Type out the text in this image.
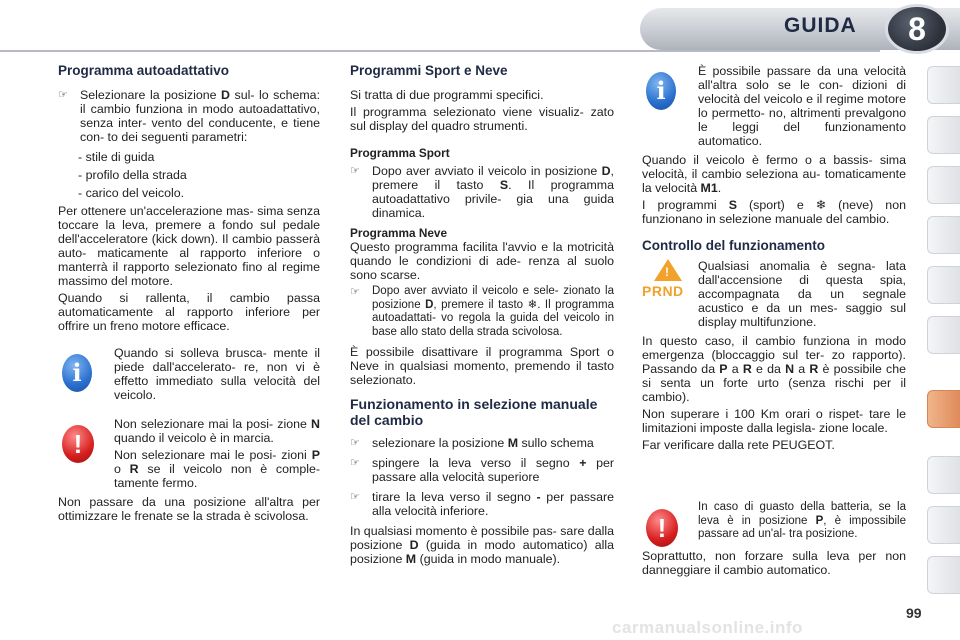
GUIDA	8
Programma autoadattativo
☞ Selezionare la posizione D sul- lo schema: il cambio funziona in modo autoadattativo, senza inter- vento del conducente, e tiene con- to dei seguenti parametri:
- stile di guida
- profilo della strada
- carico del veicolo.

Per ottenere un'accelerazione mas- sima senza toccare la leva, premere a fondo sul pedale dell'acceleratore (kick down). Il cambio passerà auto- maticamente al rapporto inferiore o manterrà il rapporto selezionato fino al regime massimo del motore.

Quando si rallenta, il cambio passa automaticamente al rapporto inferiore per offrire un freno motore efficace.

i

Quando si solleva brusca- mente il piede dall'accelerato- re, non vi è effetto immediato sulla velocità del veicolo.

!

Non selezionare mai la posi- zione N quando il veicolo è in marcia.

Non selezionare mai le posi- zioni P o R se il veicolo non è comple- tamente fermo.

Non passare da una posizione all'altra per ottimizzare le frenate se la strada è scivolosa.

Programmi Sport e Neve

Si tratta di due programmi specifici.

Il programma selezionato viene visualiz- zato sul display del quadro strumenti.

Programma Sport
☞ Dopo aver avviato il veicolo in posizione D, premere il tasto S. Il programma autoadattativo privile- gia una guida dinamica.
Programma Neve

Questo programma facilita l'avvio e la motricità quando le condizioni di ade- renza al suolo sono scarse.

☞	Dopo aver avviato il veicolo e sele- zionato la posizione D, premere il tasto ❄. Il programma autoadattati- vo regola la guida del veicolo in base allo stato della strada scivolosa.

È possibile disattivare il programma Sport o Neve in qualsiasi momento, premendo il tasto selezionato.

Funzionamento in selezione manuale del cambio
☞ selezionare la posizione M sullo schema
☞ spingere la leva verso il segno + per passare alla velocità superiore
☞ tirare la leva verso il segno - per passare alla velocità inferiore.

In qualsiasi momento è possibile pas- sare dalla posizione D (guida in modo automatico) alla posizione M (guida in modo manuale).

i

È possibile passare da una velocità all'altra solo se le con- dizioni di velocità del veicolo e il regime motore lo permetto- no, altrimenti prevalgono le leggi del funzionamento automatico.

Quando il veicolo è fermo o a bassis- sima velocità, il cambio seleziona au- tomaticamente la velocità M1.

I programmi S (sport) e ❄ (neve) non funzionano in selezione manuale del cambio.

Controllo del funzionamento
!
PRND

Qualsiasi anomalia è segna- lata dall'accensione di questa spia, accompagnata da un segnale acustico e da un mes- saggio sul display multifunzione.

In questo caso, il cambio funziona in modo emergenza (bloccaggio sul ter- zo rapporto). Passando da P a R e da N a R è possibile che si senta un forte urto (senza rischi per il cambio).

Non superare i 100 Km orari o rispet- tare le limitazioni imposte dalla legisla- zione locale.

Far verificare dalla rete PEUGEOT.

!

In caso di guasto della batteria, se la leva è in posizione P, è impossibile passare ad un'al- tra posizione.

Soprattutto, non forzare sulla leva per non danneggiare il cambio automatico.

99
carmanualsonline.info
